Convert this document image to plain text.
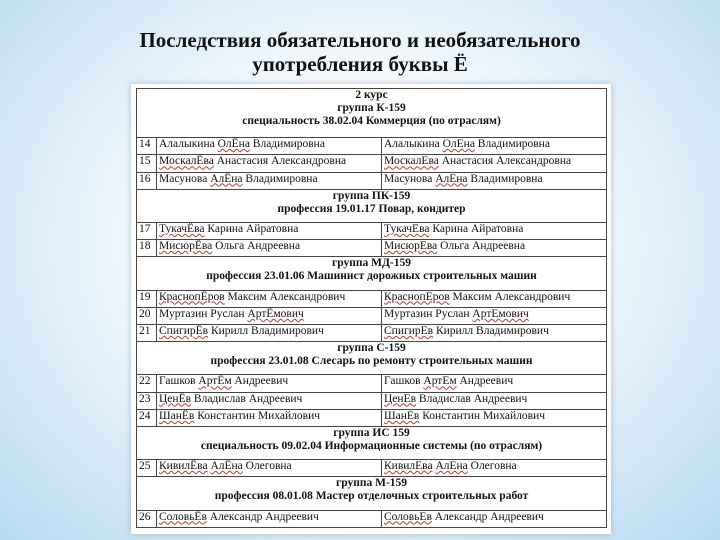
Последствия обязательного и необязательного
употребления буквы Ё
2 курс
группа К-159
специальность 38.02.04 Коммерция (по отраслям)		

14	Алалыкина ОлЁна Владимировна	Алалыкина ОлЕна Владимировна
15	МоскалЁва Анастасия Александровна	МоскалЕва Анастасия Александровна
16	Масунова АлЁна Владимировна	Масунова АлЕна Владимировна

группа ПК-159
профессия 19.01.17 Повар, кондитер		

17	ТукачЁва Карина Айратовна	ТукачЕва Карина Айратовна
18	МисюрЁва Ольга Андреевна	МисюрЕва Ольга Андреевна

группа МД-159
профессия 23.01.06 Машинист дорожных строительных машин		

19	КраснопЁров Максим Александрович	КраснопЕров Максим Александрович
20	Муртазин Руслан АртЁмович	Муртазин Руслан АртЕмович
21	СпигирЁв Кирилл Владимирович	СпигирЕв Кирилл Владимирович

группа С-159
профессия 23.01.08 Слесарь по ремонту строительных машин		

22	Гашков АртЁм Андреевич	Гашков АртЕм Андреевич
23	ЦенЁв Владислав Андреевич	ЦенЕв Владислав Андреевич
24	ШанЁв Константин Михайлович	ШанЕв Константин Михайлович

группа ИС 159
специальность 09.02.04 Информационные системы (по отраслям)		

25	КивилЁва АлЁна Олеговна	КивилЕва АлЕна Олеговна

группа М-159
профессия 08.01.08 Мастер отделочных строительных работ		

26	СоловьЁв Александр Андреевич	СоловьЕв Александр Андреевич
